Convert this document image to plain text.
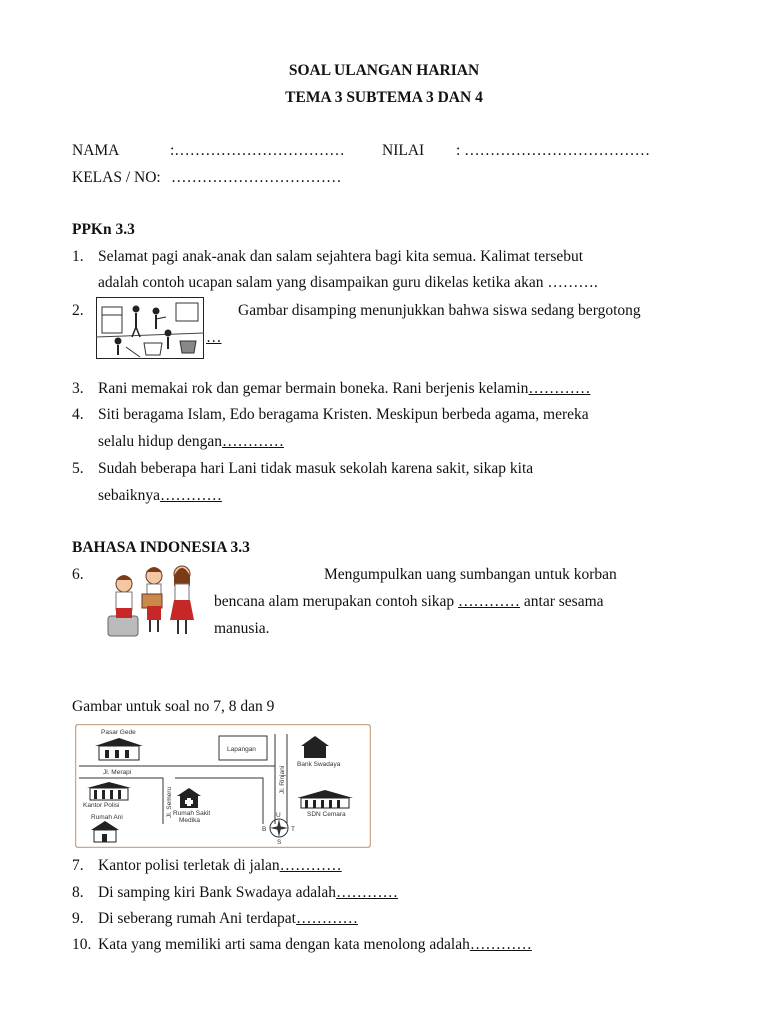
SOAL ULANGAN HARIAN
TEMA 3 SUBTEMA 3 DAN 4
NAMA	:…………………………… NILAI : ………………………………
KELAS / NO: ……………………………
PPKn 3.3
1. Selamat pagi anak-anak dan salam sejahtera bagi kita semua. Kalimat tersebut
adalah contoh ucapan salam yang disampaikan guru dikelas ketika akan ……….
2.	Gambar disamping menunjukkan bahwa siswa sedang bergotong
…
3. Rani memakai rok dan gemar bermain boneka. Rani berjenis kelamin…………
4. Siti beragama Islam, Edo beragama Kristen. Meskipun berbeda agama, mereka
selalu hidup dengan…………
5. Sudah beberapa hari Lani tidak masuk sekolah karena sakit, sikap kita
sebaiknya…………
BAHASA INDONESIA 3.3
6.	Mengumpulkan uang sumbangan untuk korban
bencana alam merupakan contoh sikap ………… antar sesama
manusia.
Gambar untuk soal no 7, 8 dan 9
Pasar Gede
Lapangan
Bank Swadaya
Jl. Merapi	Jl. Rinjani
Jl. Semeru
Kantor Polisi
Rumah Ani
Rumah Sakit
Medika
SDN Cemara
B	T
U
S
7. Kantor polisi terletak di jalan…………
8. Di samping kiri Bank Swadaya adalah…………
9. Di seberang rumah Ani terdapat…………
10. Kata yang memiliki arti sama dengan kata menolong adalah…………
